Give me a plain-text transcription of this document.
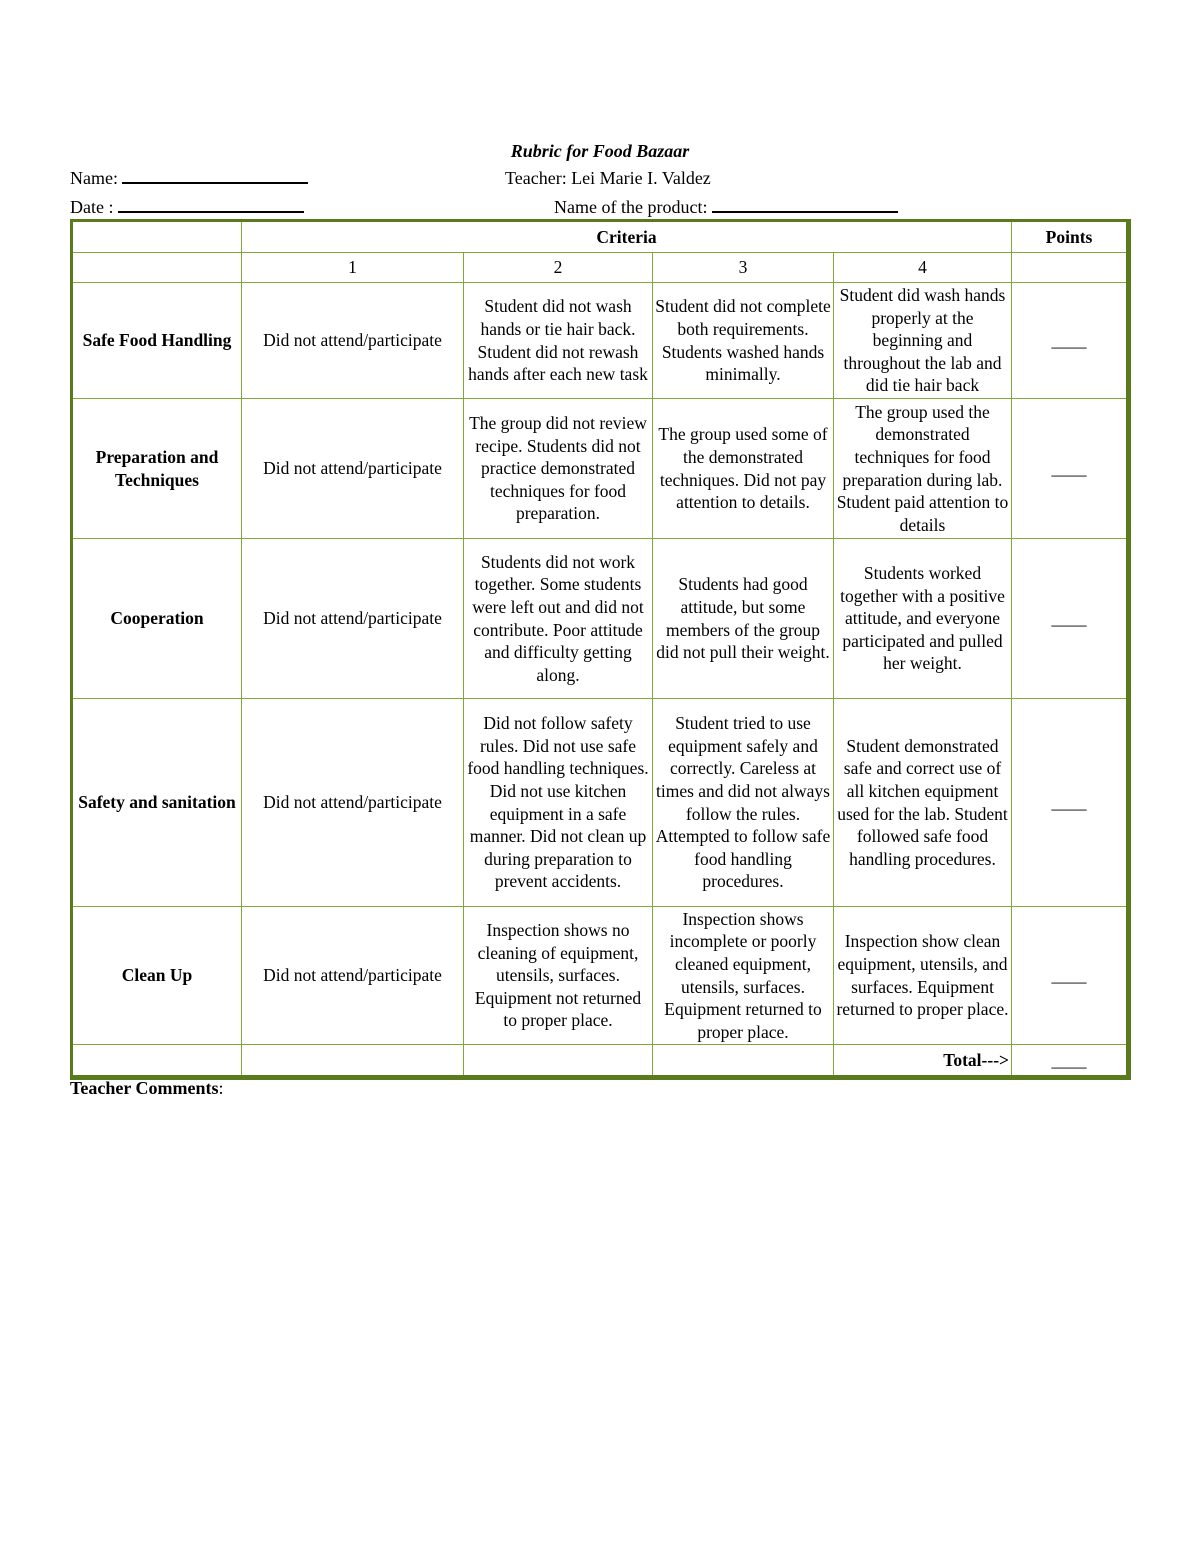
Rubric for Food Bazaar
Name:	Teacher: Lei Marie I. Valdez
Date :	Name of the product:
	Criteria				Points
	1	2	3	4	
Safe Food Handling	Did not attend/participate	Student did not wash hands or tie hair back. Student did not rewash hands after each new task	Student did not complete both requirements. Students washed hands minimally.	Student did wash hands properly at the beginning and throughout the lab and did tie hair back	____
Preparation and Techniques	Did not attend/participate	The group did not review recipe. Students did not practice demonstrated techniques for food preparation.	The group used some of the demonstrated techniques. Did not pay attention to details.	The group used the demonstrated techniques for food preparation during lab. Student paid attention to details	____
Cooperation	Did not attend/participate	Students did not work together. Some students were left out and did not contribute. Poor attitude and difficulty getting along.	Students had good attitude, but some members of the group did not pull their weight.	Students worked together with a positive attitude, and everyone participated and pulled her weight.	____
Safety and sanitation	Did not attend/participate	Did not follow safety rules. Did not use safe food handling techniques. Did not use kitchen equipment in a safe manner. Did not clean up during preparation to prevent accidents.	Student tried to use equipment safely and correctly. Careless at times and did not always follow the rules. Attempted to follow safe food handling procedures.	Student demonstrated safe and correct use of all kitchen equipment used for the lab. Student followed safe food handling procedures.	____
Clean Up	Did not attend/participate	Inspection shows no cleaning of equipment, utensils, surfaces. Equipment not returned to proper place.	Inspection shows incomplete or poorly cleaned equipment, utensils, surfaces. Equipment returned to proper place.	Inspection show clean equipment, utensils, and surfaces. Equipment returned to proper place.	____
				Total--->	____
Teacher Comments:
